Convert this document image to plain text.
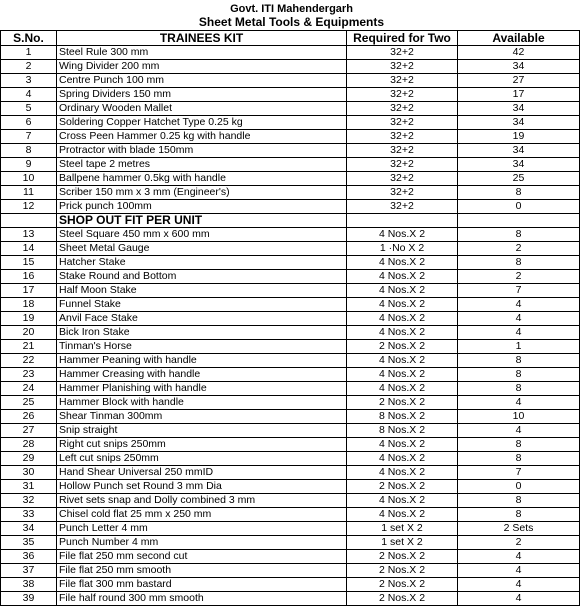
Govt. ITI Mahendergarh
Sheet Metal Tools & Equipments
S.No.	TRAINEES KIT	Required for Two	Available
1	Steel Rule 300 mm	32+2	42
2	Wing Divider 200 mm	32+2	34
3	Centre Punch 100 mm	32+2	27
4	Spring Dividers 150 mm	32+2	17
5	Ordinary Wooden Mallet	32+2	34
6	Soldering Copper Hatchet Type 0.25 kg	32+2	34
7	Cross Peen Hammer 0.25 kg with handle	32+2	19
8	Protractor with blade 150mm	32+2	34
9	Steel tape 2 metres	32+2	34
10	Ballpene hammer 0.5kg with handle	32+2	25
11	Scriber 150 mm x 3 mm (Engineer's)	32+2	8
12	Prick punch 100mm	32+2	0
	SHOP OUT FIT PER UNIT		
13	Steel Square 450 mm x 600 mm	4 Nos.X 2	8
14	Sheet Metal Gauge	1 ·No X 2	2
15	Hatcher Stake	4 Nos.X 2	8
16	Stake Round and Bottom	4 Nos.X 2	2
17	Half Moon Stake	4 Nos.X 2	7
18	Funnel Stake	4 Nos.X 2	4
19	Anvil Face Stake	4 Nos.X 2	4
20	Bick Iron Stake	4 Nos.X 2	4
21	Tinman's Horse	2 Nos.X 2	1
22	Hammer Peaning with handle	4 Nos.X 2	8
23	Hammer Creasing with handle	4 Nos.X 2	8
24	Hammer Planishing with handle	4 Nos.X 2	8
25	Hammer Block with handle	2 Nos.X 2	4
26	Shear Tinman 300mm	8 Nos.X 2	10
27	Snip straight	8 Nos.X 2	4
28	Right cut snips 250mm	4 Nos.X 2	8
29	Left cut snips 250mm	4 Nos.X 2	8
30	Hand Shear Universal 250 mmID	4 Nos.X 2	7
31	Hollow Punch set Round 3 mm Dia	2 Nos.X 2	0
32	Rivet sets snap and Dolly combined 3 mm	4 Nos.X 2	8
33	Chisel cold flat 25 mm x 250 mm	4 Nos.X 2	8
34	Punch Letter 4 mm	1 set X 2	2 Sets
35	Punch Number 4 mm	1 set X 2	2
36	File flat 250 mm second cut	2 Nos.X 2	4
37	File flat 250 mm smooth	2 Nos.X 2	4
38	File flat 300 mm bastard	2 Nos.X 2	4
39	File half round 300 mm smooth	2 Nos.X 2	4
